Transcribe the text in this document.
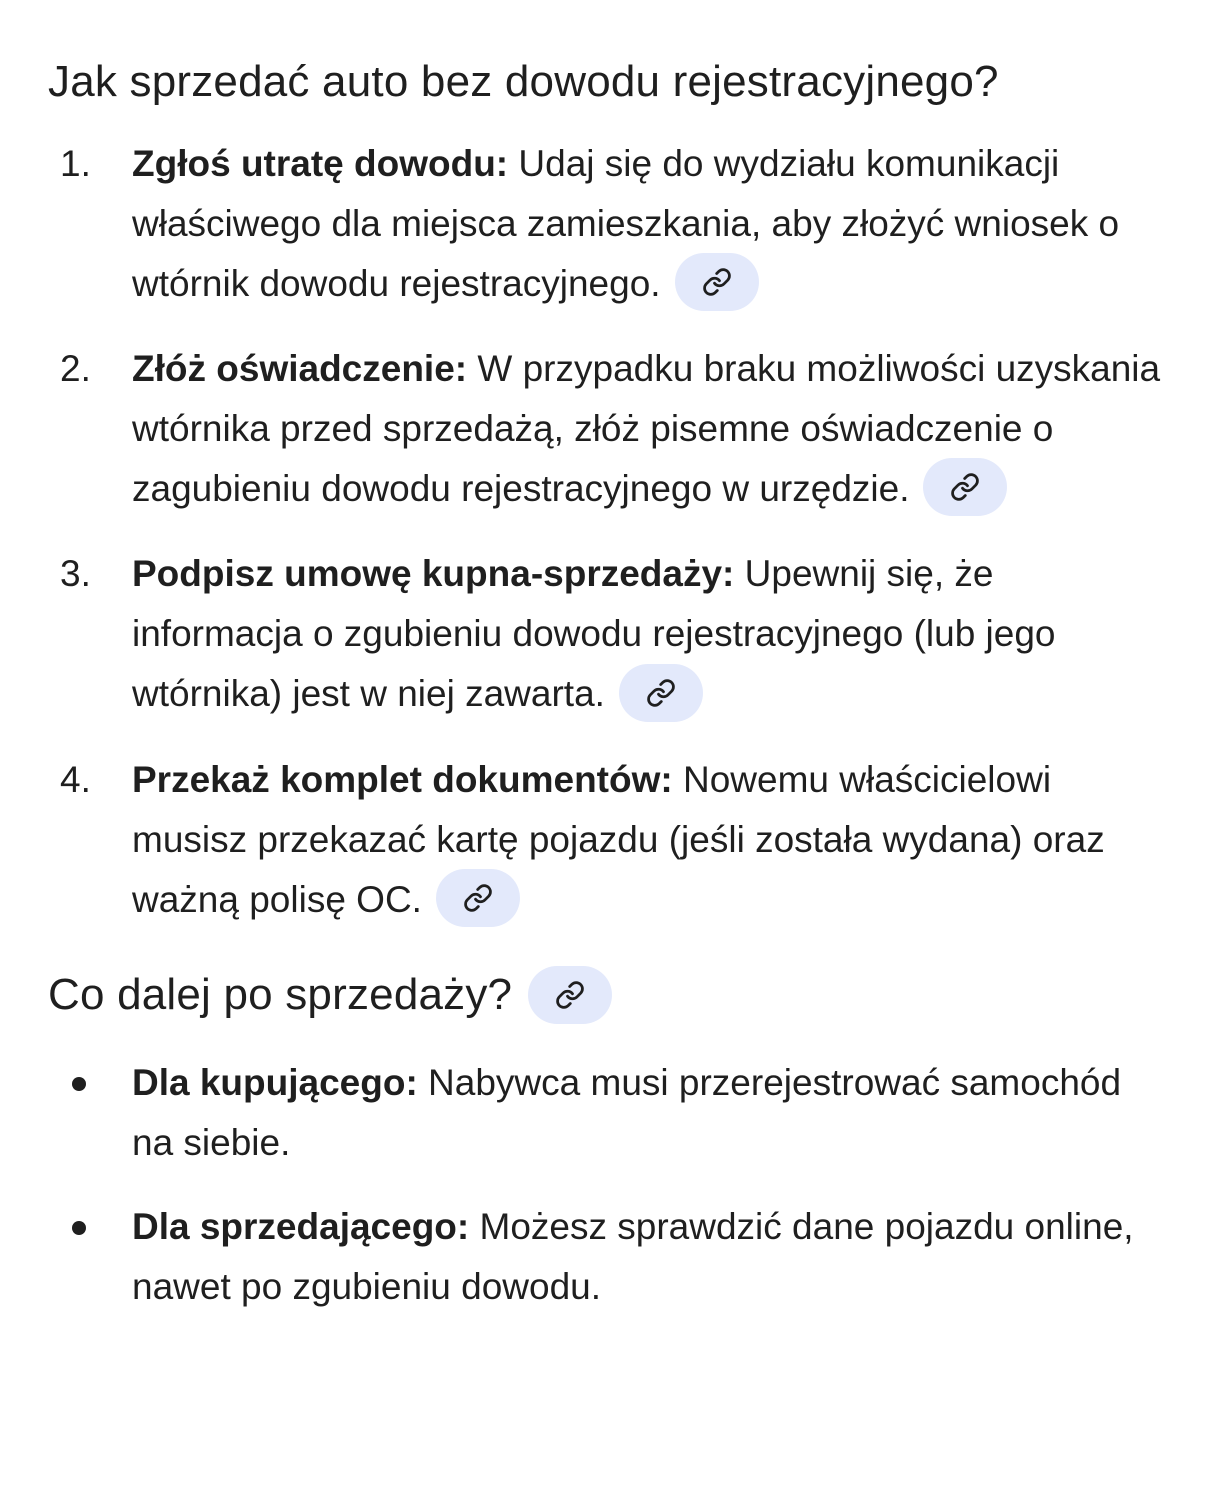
Jak sprzedać auto bez dowodu rejestracyjnego?
1.	Zgłoś utratę dowodu: Udaj się do wydziału komunikacji właściwego dla miejsca zamieszkania, aby złożyć wniosek o wtórnik dowodu rejestracyjnego.
2.	Złóż oświadczenie: W przypadku braku możliwości uzyskania wtórnika przed sprzedażą, złóż pisemne oświadczenie o zagubieniu dowodu rejestracyjnego w urzędzie.
3.	Podpisz umowę kupna-sprzedaży: Upewnij się, że informacja o zgubieniu dowodu rejestracyjnego (lub jego wtórnika) jest w niej zawarta.
4.	Przekaż komplet dokumentów: Nowemu właścicielowi musisz przekazać kartę pojazdu (jeśli została wydana) oraz ważną polisę OC.
Co dalej po sprzedaży?
Dla kupującego: Nabywca musi przerejestrować samochód na siebie.
Dla sprzedającego: Możesz sprawdzić dane pojazdu online, nawet po zgubieniu dowodu.
